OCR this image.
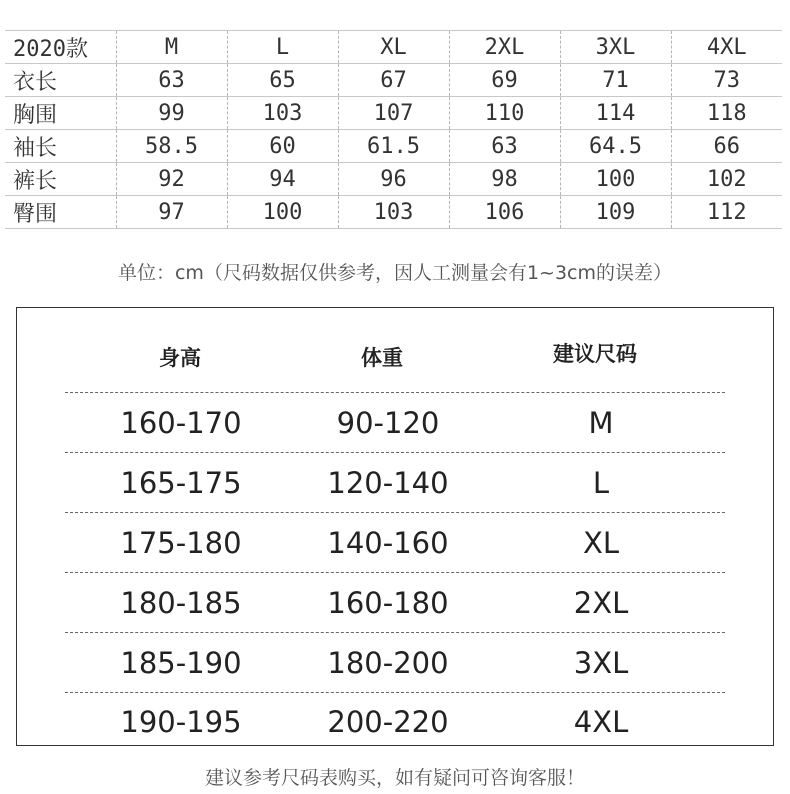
2020款	M	L	XL	2XL	3XL	4XL
衣长	63	65	67	69	71	73
胸围	99	103	107	110	114	118
袖长	58.5	60	61.5	63	64.5	66
裤长	92	94	96	98	100	102
臀围	97	100	103	106	109	112
单位：cm（尺码数据仅供参考，因人工测量会有1~3cm的误差）
身高	体重	建议尺码
160-170	90-120	M
165-175	120-140	L
175-180	140-160	XL
180-185	160-180	2XL
185-190	180-200	3XL
190-195	200-220	4XL
建议参考尺码表购买，如有疑问可咨询客服！
